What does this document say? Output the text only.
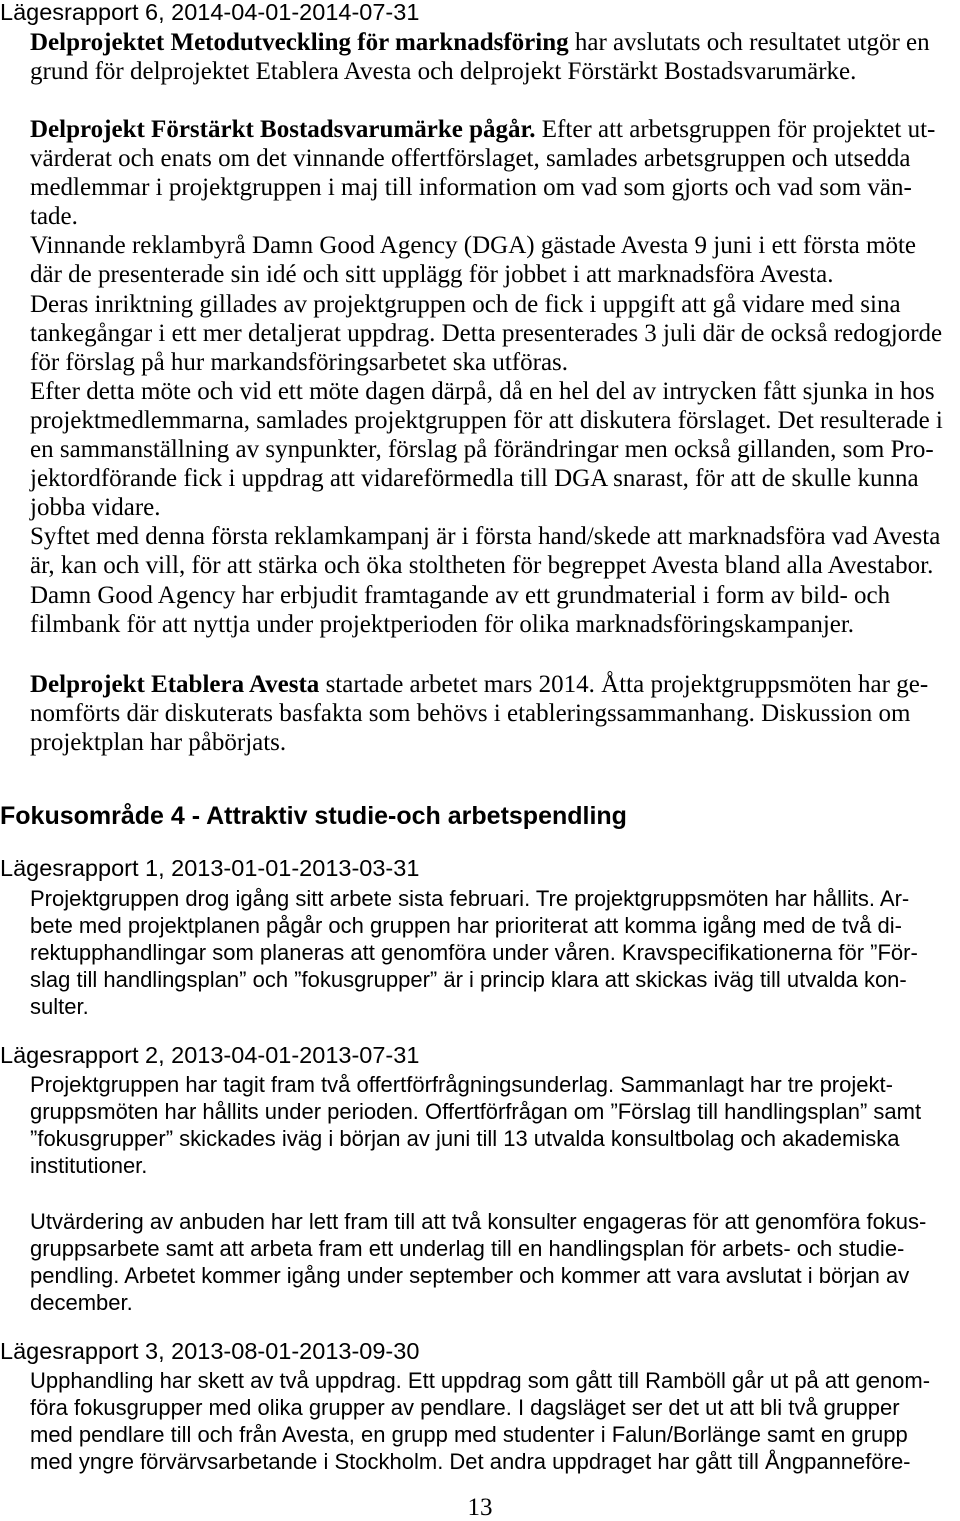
Lägesrapport 6, 2014-04-01-2014-07-31
Delprojektet Metodutveckling för marknadsföring har avslutats och resultatet utgör en
grund för delprojektet Etablera Avesta och delprojekt Förstärkt Bostadsvarumärke.
Delprojekt Förstärkt Bostadsvarumärke pågår. Efter att arbetsgruppen för projektet ut-
värderat och enats om det vinnande offertförslaget, samlades arbetsgruppen och utsedda
medlemmar i projektgruppen i maj till information om vad som gjorts och vad som vän-
tade.
Vinnande reklambyrå Damn Good Agency (DGA) gästade Avesta 9 juni i ett första möte
där de presenterade sin idé och sitt upplägg för jobbet i att marknadsföra Avesta.
Deras inriktning gillades av projektgruppen och de fick i uppgift att gå vidare med sina
tankegångar i ett mer detaljerat uppdrag. Detta presenterades 3 juli där de också redogjorde
för förslag på hur markandsföringsarbetet ska utföras.
Efter detta möte och vid ett möte dagen därpå, då en hel del av intrycken fått sjunka in hos
projektmedlemmarna, samlades projektgruppen för att diskutera förslaget. Det resulterade i
en sammanställning av synpunkter, förslag på förändringar men också gillanden, som Pro-
jektordförande fick i uppdrag att vidareförmedla till DGA snarast, för att de skulle kunna
jobba vidare.
Syftet med denna första reklamkampanj är i första hand/skede att marknadsföra vad Avesta
är, kan och vill, för att stärka och öka stoltheten för begreppet Avesta bland alla Avestabor.
Damn Good Agency har erbjudit framtagande av ett grundmaterial i form av bild- och
filmbank för att nyttja under projektperioden för olika marknadsföringskampanjer.
Delprojekt Etablera Avesta startade arbetet mars 2014. Åtta projektgruppsmöten har ge-
nomförts där diskuterats basfakta som behövs i etableringssammanhang. Diskussion om
projektplan har påbörjats.
Fokusområde 4 - Attraktiv studie-och arbetspendling
Lägesrapport 1, 2013-01-01-2013-03-31
Projektgruppen drog igång sitt arbete sista februari. Tre projektgruppsmöten har hållits. Ar-
bete med projektplanen pågår och gruppen har prioriterat att komma igång med de två di-
rektupphandlingar som planeras att genomföra under våren. Kravspecifikationerna för ”För-
slag till handlingsplan” och ”fokusgrupper” är i princip klara att skickas iväg till utvalda kon-
sulter.
Lägesrapport 2, 2013-04-01-2013-07-31
Projektgruppen har tagit fram två offertförfrågningsunderlag. Sammanlagt har tre projekt-
gruppsmöten har hållits under perioden. Offertförfrågan om ”Förslag till handlingsplan” samt
”fokusgrupper” skickades iväg i början av juni till 13 utvalda konsultbolag och akademiska
institutioner.
Utvärdering av anbuden har lett fram till att två konsulter engageras för att genomföra fokus-
gruppsarbete samt att arbeta fram ett underlag till en handlingsplan för arbets- och studie-
pendling. Arbetet kommer igång under september och kommer att vara avslutat i början av
december.
Lägesrapport 3, 2013-08-01-2013-09-30
Upphandling har skett av två uppdrag. Ett uppdrag som gått till Ramböll går ut på att genom-
föra fokusgrupper med olika grupper av pendlare. I dagsläget ser det ut att bli två grupper
med pendlare till och från Avesta, en grupp med studenter i Falun/Borlänge samt en grupp
med yngre förvärvsarbetande i Stockholm. Det andra uppdraget har gått till Ångpanneföre-
13
